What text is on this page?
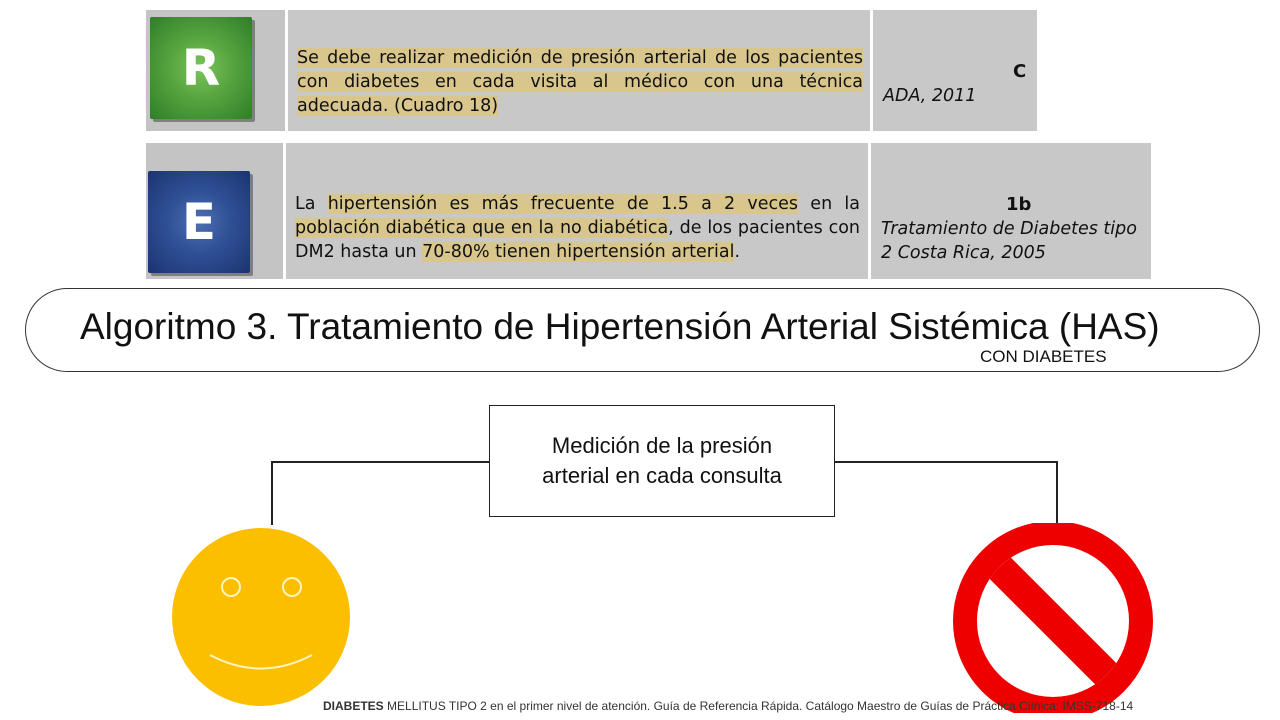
R	Se debe realizar medición de presión arterial de los pacientes
con diabetes en cada visita al médico con una técnica
adecuada. (Cuadro 18)
C
ADA, 2011
E	La hipertensión es más frecuente de 1.5 a 2 veces en la
población diabética que en la no diabética, de los pacientes con
DM2 hasta un 70-80% tienen hipertensión arterial.
1b
Tratamiento de Diabetes tipo
2 Costa Rica, 2005
Algoritmo 3. Tratamiento de Hipertensión Arterial Sistémica (HAS)
CON DIABETES
Medición de la presión
arterial en cada consulta
DIABETES MELLITUS TIPO 2 en el primer nivel de atención. Guía de Referencia Rápida. Catálogo Maestro de Guías de Práctica Clínica: IMSS-718-14
